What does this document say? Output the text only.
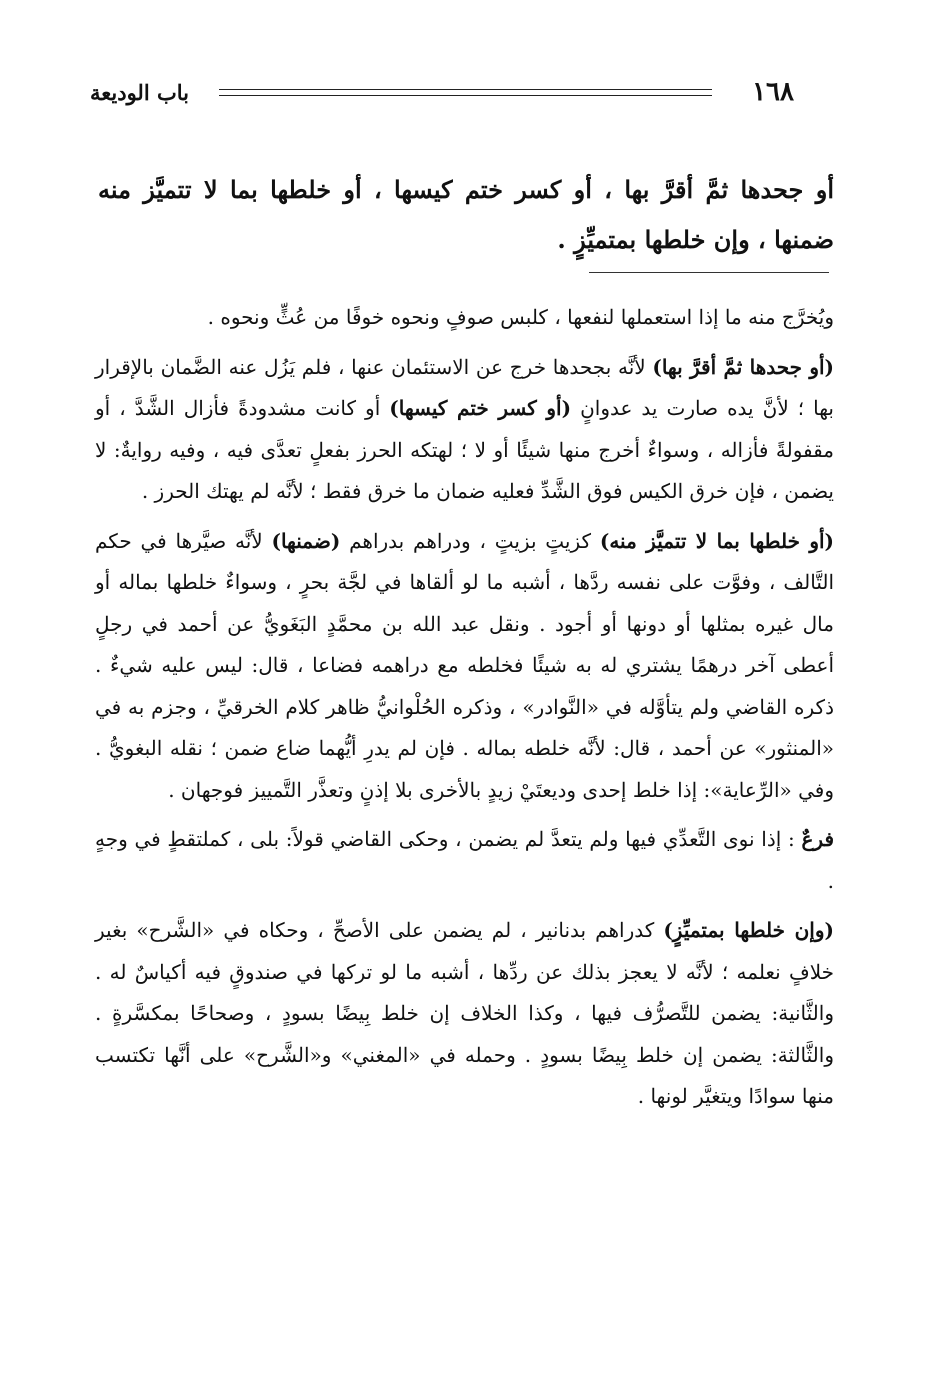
١٦٨
باب الوديعة
أو جحدها ثمَّ أقرَّ بها ، أو كسر ختم كيسها ، أو خلطها بما لا تتميَّز منه ضمنها ، وإن خلطها بمتميِّزٍ .

ويُخرَّج منه ما إذا استعملها لنفعها ، كلبس صوفٍ ونحوه خوفًا من عُثٍّ ونحوه .

(أو جحدها ثمَّ أقرَّ بها) لأنَّه بجحدها خرج عن الاستئمان عنها ، فلم يَزُل عنه الضَّمان بالإقرار بها ؛ لأنَّ يده صارت يد عدوانٍ (أو كسر ختم كيسها) أو كانت مشدودةً فأزال الشَّدَّ ، أو مقفولةً فأزاله ، وسواءٌ أخرج منها شيئًا أو لا ؛ لهتكه الحرز بفعلٍ تعدَّى فيه ، وفيه روايةٌ: لا يضمن ، فإن خرق الكيس فوق الشَّدِّ فعليه ضمان ما خرق فقط ؛ لأنَّه لم يهتك الحرز .

(أو خلطها بما لا تتميَّز منه) كزيتٍ بزيتٍ ، ودراهم بدراهم (ضمنها) لأنَّه صيَّرها في حكم التَّالف ، وفوَّت على نفسه ردَّها ، أشبه ما لو ألقاها في لجَّة بحرٍ ، وسواءٌ خلطها بماله أو مال غيره بمثلها أو دونها أو أجود . ونقل عبد الله بن محمَّدٍ البَغَويُّ عن أحمد في رجلٍ أعطى آخر درهمًا يشتري له به شيئًا فخلطه مع دراهمه فضاعا ، قال: ليس عليه شيءٌ . ذكره القاضي ولم يتأوَّله في «النَّوادر» ، وذكره الحُلْوانيُّ ظاهر كلام الخرقيِّ ، وجزم به في «المنثور» عن أحمد ، قال: لأنَّه خلطه بماله . فإن لم يدرِ أيُّهما ضاع ضمن ؛ نقله البغويُّ . وفي «الرِّعاية»: إذا خلط إحدى وديعتَيْ زيدٍ بالأخرى بلا إذنٍ وتعذَّر التَّمييز فوجهان .

فرعٌ : إذا نوى التَّعدِّي فيها ولم يتعدَّ لم يضمن ، وحكى القاضي قولاً: بلى ، كملتقطٍ في وجهٍ .

(وإن خلطها بمتميِّزٍ) كدراهم بدنانير ، لم يضمن على الأصحِّ ، وحكاه في «الشَّرح» بغير خلافٍ نعلمه ؛ لأنَّه لا يعجز بذلك عن ردِّها ، أشبه ما لو تركها في صندوقٍ فيه أكياسٌ له . والثَّانية: يضمن للتَّصرُّف فيها ، وكذا الخلاف إن خلط بِيضًا بسودٍ ، وصحاحًا بمكسَّرةٍ . والثَّالثة: يضمن إن خلط بِيضًا بسودٍ . وحمله في «المغني» و«الشَّرح» على أنَّها تكتسب منها سوادًا ويتغيَّر لونها .
